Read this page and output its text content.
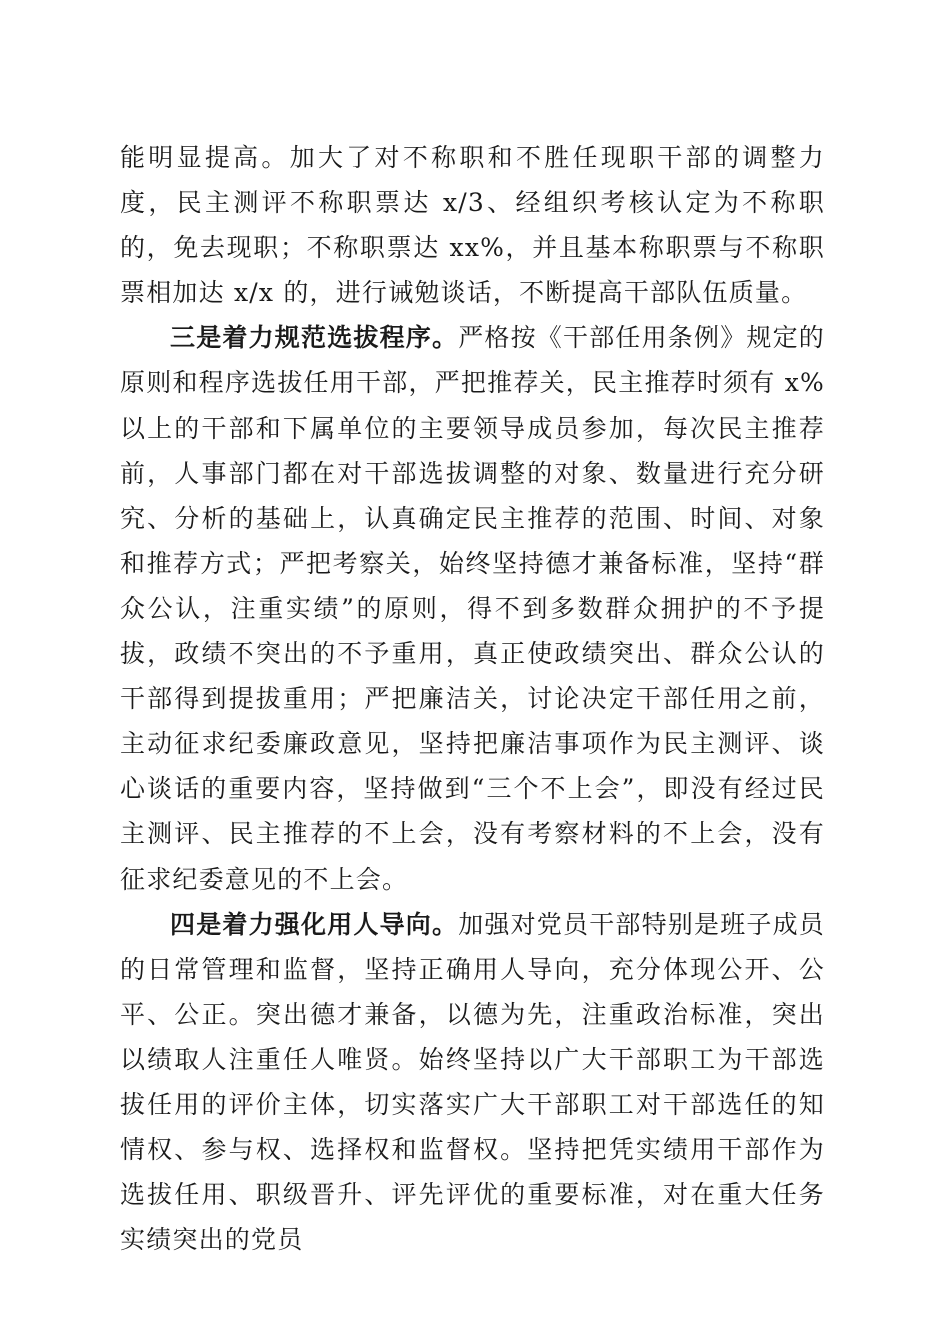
能明显提高。加大了对不称职和不胜任现职干部的调整力度，民主测评不称职票达 x/3、经组织考核认定为不称职的，免去现职；不称职票达 xx%，并且基本称职票与不称职票相加达 x/x 的，进行诫勉谈话，不断提高干部队伍质量。

三是着力规范选拔程序。严格按《干部任用条例》规定的原则和程序选拔任用干部，严把推荐关，民主推荐时须有 x%以上的干部和下属单位的主要领导成员参加，每次民主推荐前，人事部门都在对干部选拔调整的对象、数量进行充分研究、分析的基础上，认真确定民主推荐的范围、时间、对象和推荐方式；严把考察关，始终坚持德才兼备标准，坚持“群众公认，注重实绩”的原则，得不到多数群众拥护的不予提拔，政绩不突出的不予重用，真正使政绩突出、群众公认的干部得到提拔重用；严把廉洁关，讨论决定干部任用之前，主动征求纪委廉政意见，坚持把廉洁事项作为民主测评、谈心谈话的重要内容，坚持做到“三个不上会”，即没有经过民主测评、民主推荐的不上会，没有考察材料的不上会，没有征求纪委意见的不上会。

四是着力强化用人导向。加强对党员干部特别是班子成员的日常管理和监督，坚持正确用人导向，充分体现公开、公平、公正。突出德才兼备，以德为先，注重政治标准，突出以绩取人注重任人唯贤。始终坚持以广大干部职工为干部选拔任用的评价主体，切实落实广大干部职工对干部选任的知情权、参与权、选择权和监督权。坚持把凭实绩用干部作为选拔任用、职级晋升、评先评优的重要标准，对在重大任务实绩突出的党员
